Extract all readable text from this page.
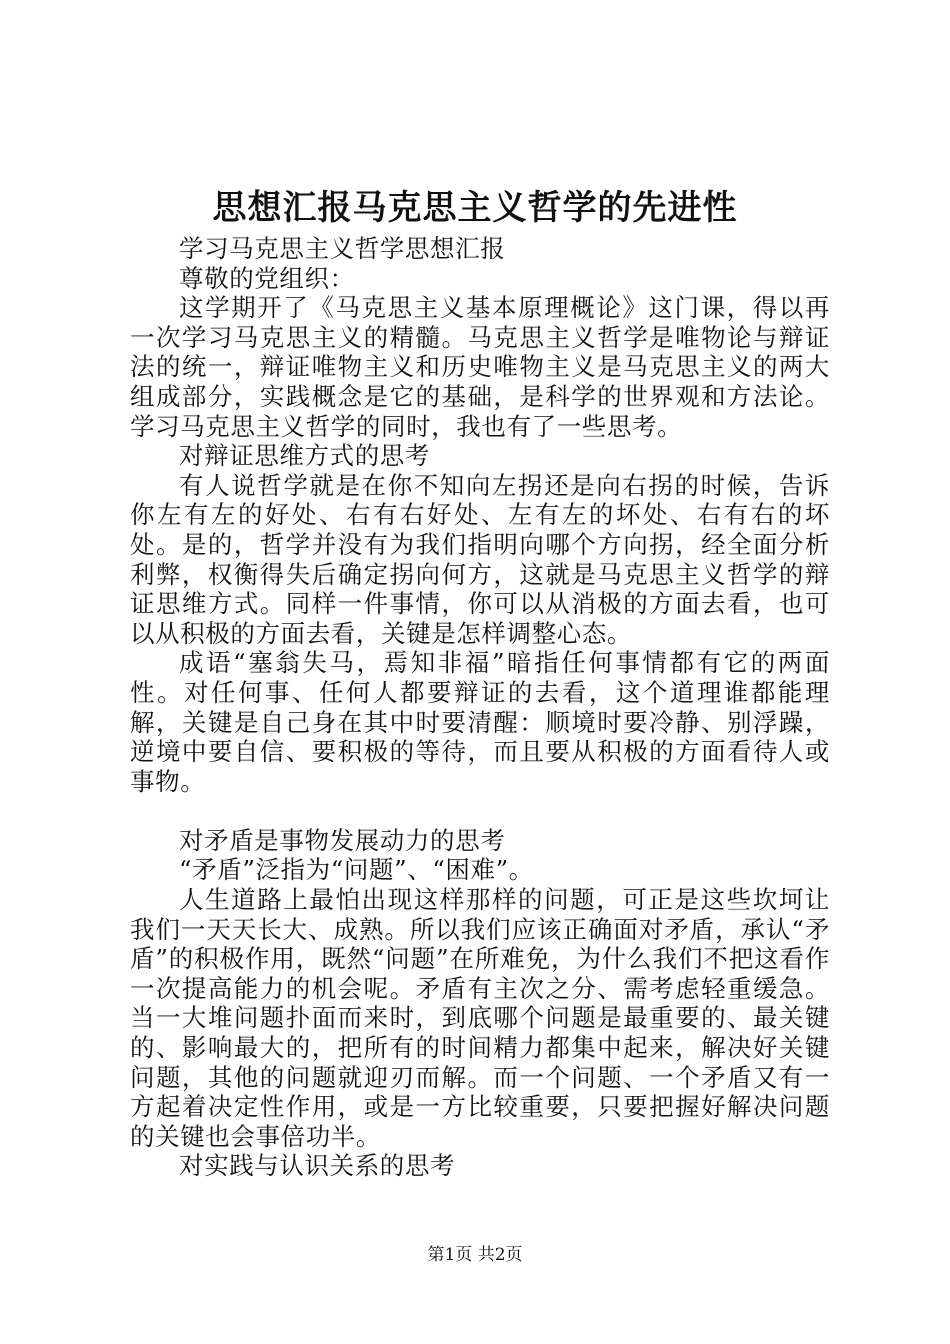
思想汇报马克思主义哲学的先进性

学习马克思主义哲学思想汇报

尊敬的党组织：

这学期开了《马克思主义基本原理概论》这门课，得以再一次学习马克思主义的精髓。马克思主义哲学是唯物论与辩证法的统一，辩证唯物主义和历史唯物主义是马克思主义的两大组成部分，实践概念是它的基础，是科学的世界观和方法论。学习马克思主义哲学的同时，我也有了一些思考。

对辩证思维方式的思考

有人说哲学就是在你不知向左拐还是向右拐的时候，告诉你左有左的好处、右有右好处、左有左的坏处、右有右的坏处。是的，哲学并没有为我们指明向哪个方向拐，经全面分析利弊，权衡得失后确定拐向何方，这就是马克思主义哲学的辩证思维方式。同样一件事情，你可以从消极的方面去看，也可以从积极的方面去看，关键是怎样调整心态。

成语“塞翁失马，焉知非福”暗指任何事情都有它的两面性。对任何事、任何人都要辩证的去看，这个道理谁都能理解，关键是自己身在其中时要清醒：顺境时要冷静、别浮躁，逆境中要自信、要积极的等待，而且要从积极的方面看待人或事物。

对矛盾是事物发展动力的思考

“矛盾”泛指为“问题”、“困难”。

人生道路上最怕出现这样那样的问题，可正是这些坎坷让我们一天天长大、成熟。所以我们应该正确面对矛盾，承认“矛盾”的积极作用，既然“问题”在所难免，为什么我们不把这看作一次提高能力的机会呢。矛盾有主次之分、需考虑轻重缓急。当一大堆问题扑面而来时，到底哪个问题是最重要的、最关键的、影响最大的，把所有的时间精力都集中起来，解决好关键问题，其他的问题就迎刃而解。而一个问题、一个矛盾又有一方起着决定性作用，或是一方比较重要，只要把握好解决问题的关键也会事倍功半。

对实践与认识关系的思考

第1页 共2页
